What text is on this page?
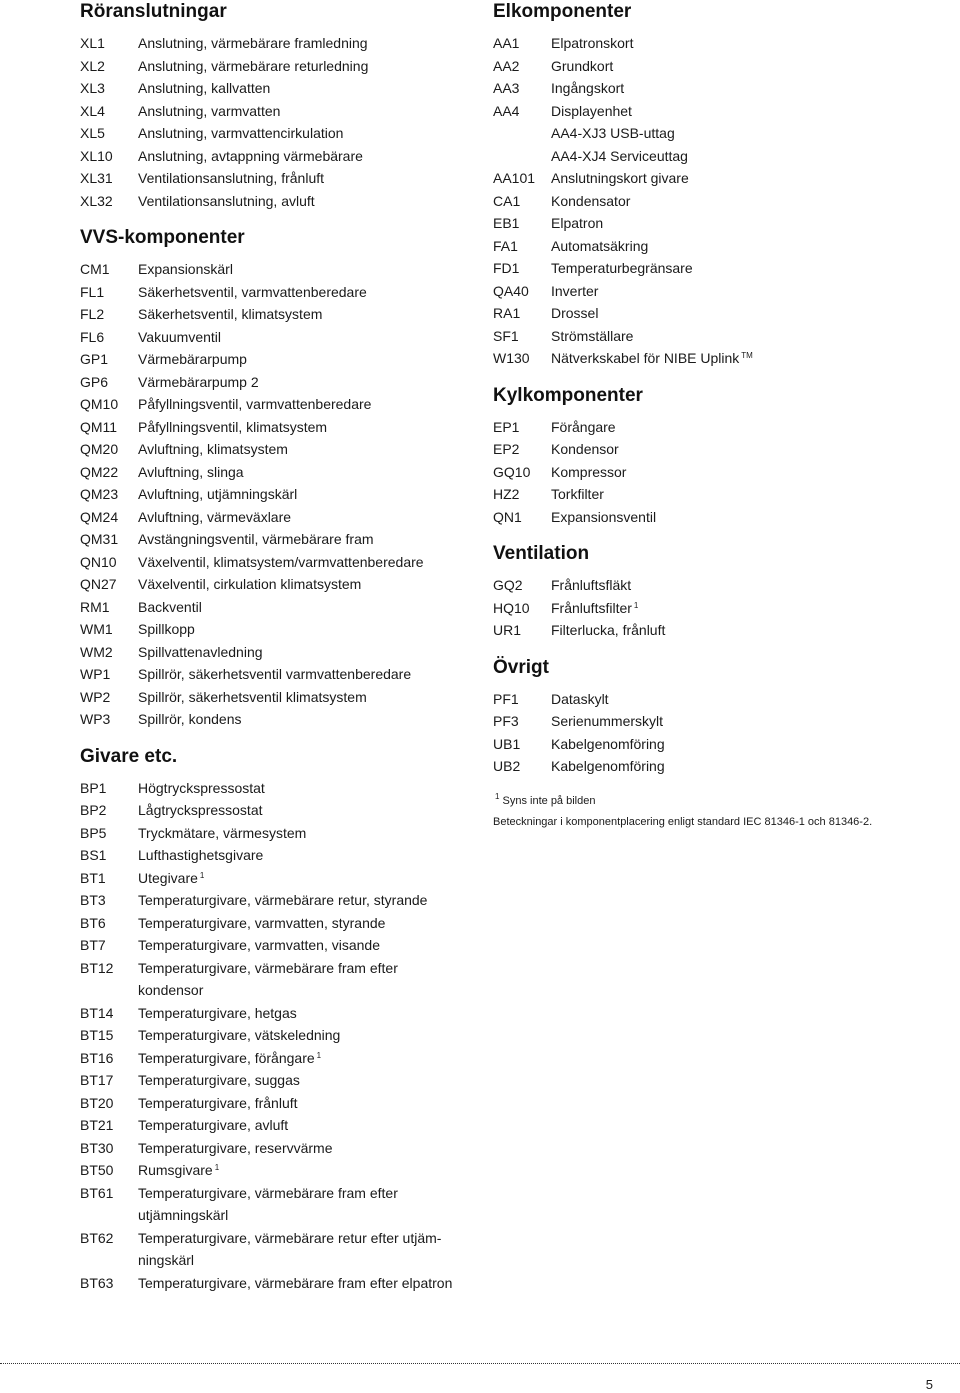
Röranslutningar
XL1	Anslutning, värmebärare framledning
XL2	Anslutning, värmebärare returledning
XL3	Anslutning, kallvatten
XL4	Anslutning, varmvatten
XL5	Anslutning, varmvattencirkulation
XL10	Anslutning, avtappning värmebärare
XL31	Ventilationsanslutning, frånluft
XL32	Ventilationsanslutning, avluft
VVS-komponenter
CM1	Expansionskärl
FL1	Säkerhetsventil, varmvattenberedare
FL2	Säkerhetsventil, klimatsystem
FL6	Vakuumventil
GP1	Värmebärarpump
GP6	Värmebärarpump 2
QM10	Påfyllningsventil, varmvattenberedare
QM11	Påfyllningsventil, klimatsystem
QM20	Avluftning, klimatsystem
QM22	Avluftning, slinga
QM23	Avluftning, utjämningskärl
QM24	Avluftning, värmeväxlare
QM31	Avstängningsventil, värmebärare fram
QN10	Växelventil, klimatsystem/varmvattenberedare
QN27	Växelventil, cirkulation klimatsystem
RM1	Backventil
WM1	Spillkopp
WM2	Spillvattenavledning
WP1	Spillrör, säkerhetsventil varmvattenberedare
WP2	Spillrör, säkerhetsventil klimatsystem
WP3	Spillrör, kondens
Givare etc.
BP1	Högtryckspressostat
BP2	Lågtryckspressostat
BP5	Tryckmätare, värmesystem
BS1	Lufthastighetsgivare
BT1	Utegivare $^1$
BT3	Temperaturgivare, värmebärare retur, styrande
BT6	Temperaturgivare, varmvatten, styrande
BT7	Temperaturgivare, varmvatten, visande
BT12	Temperaturgivare, värmebärare fram efter
kondensor
BT14	Temperaturgivare, hetgas
BT15	Temperaturgivare, vätskeledning
BT16	Temperaturgivare, förångare $^1$
BT17	Temperaturgivare, suggas
BT20	Temperaturgivare, frånluft
BT21	Temperaturgivare, avluft
BT30	Temperaturgivare, reservvärme
BT50	Rumsgivare $^1$
BT61	Temperaturgivare, värmebärare fram efter
utjämningskärl
BT62	Temperaturgivare, värmebärare retur efter utjäm-
ningskärl
BT63	Temperaturgivare, värmebärare fram efter elpatron
Elkomponenter
AA1	Elpatronskort
AA2	Grundkort
AA3	Ingångskort
AA4	Displayenhet
AA4-XJ3 USB-uttag
AA4-XJ4 Serviceuttag
AA101	Anslutningskort givare
CA1	Kondensator
EB1	Elpatron
FA1	Automatsäkring
FD1	Temperaturbegränsare
QA40	Inverter
RA1	Drossel
SF1	Strömställare
W130	Nätverkskabel för NIBE Uplink ™
Kylkomponenter
EP1	Förångare
EP2	Kondensor
GQ10	Kompressor
HZ2	Torkfilter
QN1	Expansionsventil
Ventilation
GQ2	Frånluftsfläkt
HQ10	Frånluftsfilter $^1$
UR1	Filterlucka, frånluft
Övrigt
PF1	Dataskylt
PF3	Serienummerskylt
UB1	Kabelgenomföring
UB2	Kabelgenomföring
$^1$ Syns inte på bilden
Beteckningar i komponentplacering enligt standard IEC 81346-1 och 81346-2.
5
